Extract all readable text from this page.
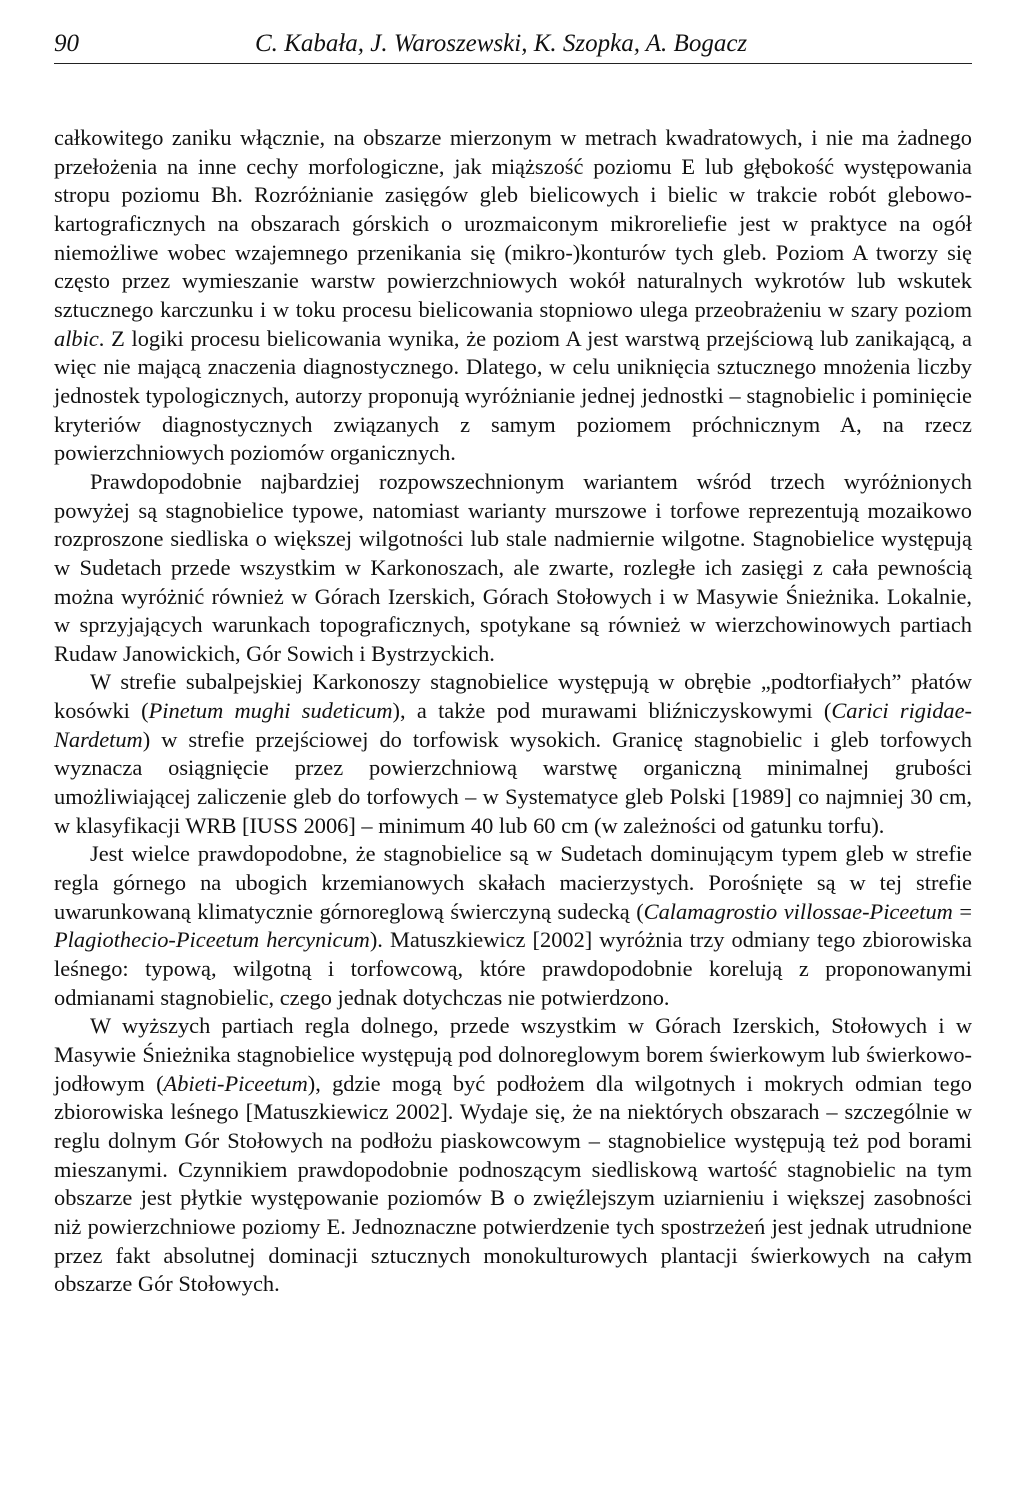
90	C. Kabała, J. Waroszewski, K. Szopka, A. Bogacz

całkowitego zaniku włącznie, na obszarze mierzonym w metrach kwadratowych, i nie ma żadnego przełożenia na inne cechy morfologiczne, jak miąższość poziomu E lub głębokość występowania stropu poziomu Bh. Rozróżnianie zasięgów gleb bielicowych i bielic w trakcie robót glebowo-kartograficznych na obszarach górskich o urozmaiconym mikroreliefie jest w praktyce na ogół niemożliwe wobec wzajemnego przenikania się (mikro-)konturów tych gleb. Poziom A tworzy się często przez wymieszanie warstw powierzchniowych wokół naturalnych wykrotów lub wskutek sztucznego karczunku i w toku procesu bielicowania stopniowo ulega przeobrażeniu w szary poziom albic. Z logiki procesu bielicowania wynika, że poziom A jest warstwą przejściową lub zanikającą, a więc nie mającą znaczenia diagnostycznego. Dlatego, w celu uniknięcia sztucznego mnożenia liczby jednostek typologicznych, autorzy proponują wyróżnianie jednej jednostki – stagnobielic i pominięcie kryteriów diagnostycznych związanych z samym poziomem próchnicznym A, na rzecz powierzchniowych poziomów organicznych.

Prawdopodobnie najbardziej rozpowszechnionym wariantem wśród trzech wyróżnionych powyżej są stagnobielice typowe, natomiast warianty murszowe i torfowe reprezentują mozaikowo rozproszone siedliska o większej wilgotności lub stale nadmiernie wilgotne. Stagnobielice występują w Sudetach przede wszystkim w Karkonoszach, ale zwarte, rozległe ich zasięgi z cała pewnością można wyróżnić również w Górach Izerskich, Górach Stołowych i w Masywie Śnieżnika. Lokalnie, w sprzyjających warunkach topograficznych, spotykane są również w wierzchowinowych partiach Rudaw Janowickich, Gór Sowich i Bystrzyckich.

W strefie subalpejskiej Karkonoszy stagnobielice występują w obrębie „podtorfiałych” płatów kosówki (Pinetum mughi sudeticum), a także pod murawami bliźniczyskowymi (Carici rigidae-Nardetum) w strefie przejściowej do torfowisk wysokich. Granicę stagnobielic i gleb torfowych wyznacza osiągnięcie przez powierzchniową warstwę organiczną minimalnej grubości umożliwiającej zaliczenie gleb do torfowych – w Systematyce gleb Polski [1989] co najmniej 30 cm, w klasyfikacji WRB [IUSS 2006] – minimum 40 lub 60 cm (w zależności od gatunku torfu).

Jest wielce prawdopodobne, że stagnobielice są w Sudetach dominującym typem gleb w strefie regla górnego na ubogich krzemianowych skałach macierzystych. Porośnięte są w tej strefie uwarunkowaną klimatycznie górnoreglową świerczyną sudecką (Calamagrostio villossae-Piceetum = Plagiothecio-Piceetum hercynicum). Matuszkiewicz [2002] wyróżnia trzy odmiany tego zbiorowiska leśnego: typową, wilgotną i torfowcową, które prawdopodobnie korelują z proponowanymi odmianami stagnobielic, czego jednak dotychczas nie potwierdzono.

W wyższych partiach regla dolnego, przede wszystkim w Górach Izerskich, Stołowych i w Masywie Śnieżnika stagnobielice występują pod dolnoreglowym borem świerkowym lub świerkowo-jodłowym (Abieti-Piceetum), gdzie mogą być podłożem dla wilgotnych i mokrych odmian tego zbiorowiska leśnego [Matuszkiewicz 2002]. Wydaje się, że na niektórych obszarach – szczególnie w reglu dolnym Gór Stołowych na podłożu piaskowcowym – stagnobielice występują też pod borami mieszanymi. Czynnikiem prawdopodobnie podnoszącym siedliskową wartość stagnobielic na tym obszarze jest płytkie występowanie poziomów B o zwięźlejszym uziarnieniu i większej zasobności niż powierzchniowe poziomy E. Jednoznaczne potwierdzenie tych spostrzeżeń jest jednak utrudnione przez fakt absolutnej dominacji sztucznych monokulturowych plantacji świerkowych na całym obszarze Gór Stołowych.
